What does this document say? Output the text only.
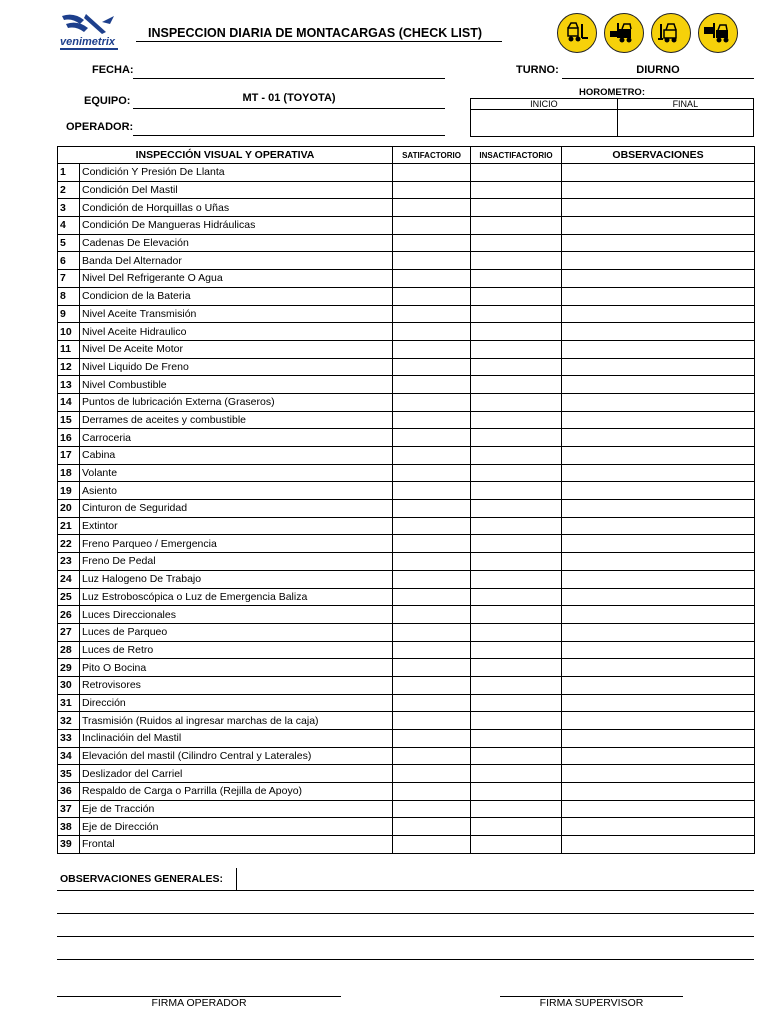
venimetrix
INSPECCION DIARIA DE MONTACARGAS (CHECK LIST)
FECHA:	TURNO:	DIURNO
EQUIPO:	MT - 01 (TOYOTA)
OPERADOR:
HOROMETRO:
INICIO	FINAL

INSPECCIÓN VISUAL Y OPERATIVA		SATIFACTORIO	INSACTIFACTORIO	OBSERVACIONES
1	Condición Y Presión De Llanta			
2	Condición Del Mastil			
3	Condición de Horquillas o Uñas			
4	Condición De Mangueras Hidráulicas			
5	Cadenas De Elevación			
6	Banda Del Alternador			
7	Nivel Del Refrigerante O Agua			
8	Condicion de la Bateria			
9	Nivel Aceite Transmisión			
10	Nivel Aceite Hidraulico			
11	Nivel De Aceite Motor			
12	Nivel Liquido De Freno			
13	Nivel Combustible			
14	Puntos de lubricación Externa (Graseros)			
15	Derrames de aceites y combustible			
16	Carroceria			
17	Cabina			
18	Volante			
19	Asiento			
20	Cinturon de Seguridad			
21	Extintor			
22	Freno Parqueo / Emergencia			
23	Freno De Pedal			
24	Luz Halogeno De Trabajo			
25	Luz Estroboscópica o Luz de Emergencia Baliza			
26	Luces Direccionales			
27	Luces de Parqueo			
28	Luces de Retro			
29	Pito O Bocina			
30	Retrovisores			
31	Dirección			
32	Trasmisión (Ruidos al ingresar marchas de la caja)			
33	Inclinacióin del Mastil			
34	Elevación del mastil (Cilindro Central y Laterales)			
35	Deslizador del Carriel			
36	Respaldo de Carga o Parrilla (Rejilla de Apoyo)			
37	Eje de Tracción			
38	Eje de Dirección			
39	Frontal			
OBSERVACIONES GENERALES:
FIRMA OPERADOR	FIRMA SUPERVISOR
